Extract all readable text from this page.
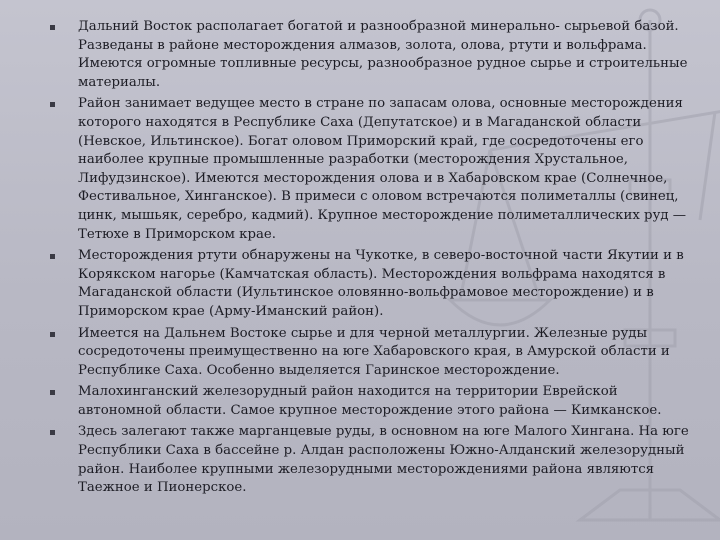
Дальний Восток располагает богатой и разнообразной минерально- сырьевой базой. Разведаны в районе месторождения алмазов, золота, олова, ртути и вольфрама. Имеются огромные топливные ресурсы, разнообразное рудное сырье и строительные материалы.
Район занимает ведущее место в стране по запасам олова, основные месторождения которого находятся в Республике Саха (Депутатское) и в Магаданской области (Невское, Ильтинское). Богат оловом Приморский край, где сосредоточены его наиболее крупные промышленные разработки (месторождения Хрустальное, Лифудзинское). Имеются месторождения олова и в Хабаровском крае (Солнечное, Фестивальное, Хинганское). В примеси с оловом встречаются полиметаллы (свинец, цинк, мышьяк, серебро, кадмий). Крупное месторождение полиметаллических руд — Тетюхе в Приморском крае.
Месторождения ртути обнаружены на Чукотке, в северо-восточной части Якутии и в Корякском нагорье (Камчатская область). Месторождения вольфрама находятся в Магаданской области (Иультинское оловянно-вольфрамовое месторождение) и в Приморском крае (Арму-Иманский район).
Имеется на Дальнем Востоке сырье и для черной металлургии. Железные руды сосредоточены преимущественно на юге Хабаровского края, в Амурской области и Республике Саха. Особенно выделяется Гаринское месторождение.
Малохинганский железорудный район находится на территории Еврейской автономной области. Самое крупное месторождение этого района — Кимканское.
Здесь залегают также марганцевые руды, в основном на юге Малого Хингана. На юге Республики Саха в бассейне р. Алдан расположены Южно-Алданский железорудный район. Наиболее крупными железорудными месторождениями района являются Таежное и Пионерское.
